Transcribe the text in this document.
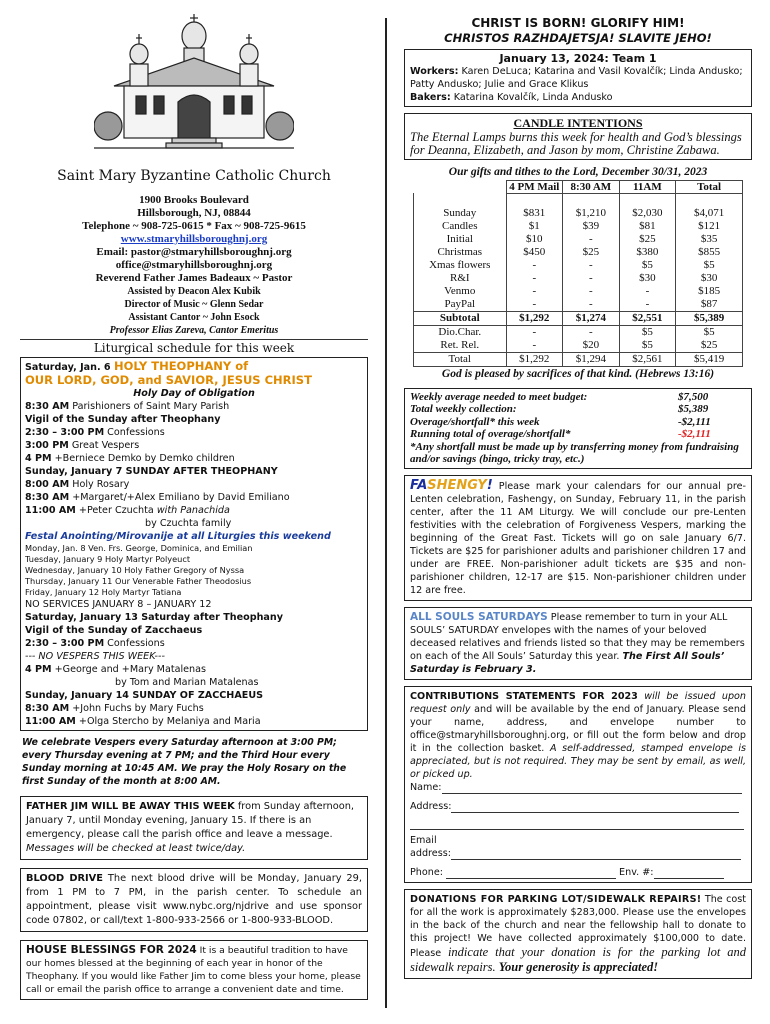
Saint Mary Byzantine Catholic Church
1900 Brooks Boulevard
Hillsborough, NJ, 08844
Telephone ~ 908-725-0615 * Fax ~ 908-725-9615
www.stmaryhillsboroughnj.org
Email: pastor@stmaryhillsboroughnj.org
office@stmaryhillsboroughnj.org
Reverend Father James Badeaux ~ Pastor
Assisted by Deacon Alex Kubik
Director of Music ~ Glenn Sedar
Assistant Cantor ~ John Esock
Professor Elias Zareva, Cantor Emeritus
Liturgical schedule for this week
Saturday, Jan. 6 HOLY THEOPHANY of
OUR LORD, GOD, and SAVIOR, JESUS CHRIST
Holy Day of Obligation
8:30 AM Parishioners of Saint Mary Parish
Vigil of the Sunday after Theophany
2:30 – 3:00 PM Confessions
3:00 PM Great Vespers
4 PM +Berniece Demko by Demko children
Sunday, January 7 SUNDAY AFTER THEOPHANY
8:00 AM Holy Rosary
8:30 AM +Margaret/+Alex Emiliano by David Emiliano
11:00 AM +Peter Czuchta with Panachida
by Czuchta family
Festal Anointing/Mirovanije at all Liturgies this weekend
Monday, Jan. 8 Ven. Frs. George, Dominica, and Emilian
Tuesday, January 9 Holy Martyr Polyeuct
Wednesday, January 10 Holy Father Gregory of Nyssa
Thursday, January 11 Our Venerable Father Theodosius
Friday, January 12 Holy Martyr Tatiana
NO SERVICES JANUARY 8 – JANUARY 12
Saturday, January 13 Saturday after Theophany
Vigil of the Sunday of Zacchaeus
2:30 – 3:00 PM Confessions
--- NO VESPERS THIS WEEK---
4 PM +George and +Mary Matalenas
by Tom and Marian Matalenas
Sunday, January 14 SUNDAY OF ZACCHAEUS
8:30 AM +John Fuchs by Mary Fuchs
11:00 AM +Olga Stercho by Melaniya and Maria
We celebrate Vespers every Saturday afternoon at 3:00 PM; every Thursday evening at 7 PM; and the Third Hour every Sunday morning at 10:45 AM. We pray the Holy Rosary on the first Sunday of the month at 8:00 AM.
FATHER JIM WILL BE AWAY THIS WEEK from Sunday afternoon, January 7, until Monday evening, January 15. If there is an emergency, please call the parish office and leave a message. Messages will be checked at least twice/day.
BLOOD DRIVE The next blood drive will be Monday, January 29, from 1 PM to 7 PM, in the parish center. To schedule an appointment, please visit www.nybc.org/njdrive and use sponsor code 07802, or call/text 1-800-933-2566 or 1-800-933-BLOOD.
HOUSE BLESSINGS FOR 2024 It is a beautiful tradition to have our homes blessed at the beginning of each year in honor of the Theophany. If you would like Father Jim to come bless your home, please call or email the parish office to arrange a convenient date and time.
CHRIST IS BORN! GLORIFY HIM!
CHRISTOS RAZHDAJETSJA! SLAVITE JEHO!
January 13, 2024: Team 1
Workers: Karen DeLuca; Katarina and Vasil Kovalčík; Linda Andusko; Patty Andusko; Julie and Grace Klikus
Bakers: Katarina Kovalčík, Linda Andusko
CANDLE INTENTIONS
The Eternal Lamps burns this week for health and God’s blessings for Deanna, Elizabeth, and Jason by mom, Christine Zabawa.
Our gifts and tithes to the Lord, December 30/31, 2023
	4 PM Mail	8:30 AM	11AM	Total

Sunday	$831	$1,210	$2,030	$4,071
Candles	$1	$39	$81	$121
Initial	$10	-	$25	$35
Christmas	$450	$25	$380	$855
Xmas flowers	-	-	$5	$5
R&I	-	-	$30	$30
Venmo	-	-	-	$185
PayPal	-	-	-	$87
Subtotal	$1,292	$1,274	$2,551	$5,389
Dio.Char.	-	-	$5	$5
Ret. Rel.	-	$20	$5	$25
Total	$1,292	$1,294	$2,561	$5,419
God is pleased by sacrifices of that kind. (Hebrews 13:16)
Weekly average needed to meet budget:	$7,500
Total weekly collection:	$5,389
Overage/shortfall* this week	-$2,111
Running total of overage/shortfall*	-$2,111
*Any shortfall must be made up by transferring money from fundraising and/or savings (bingo, tricky tray, etc.)
FASHENGY! Please mark your calendars for our annual pre-Lenten celebration, Fashengy, on Sunday, February 11, in the parish center, after the 11 AM Liturgy. We will conclude our pre-Lenten festivities with the celebration of Forgiveness Vespers, marking the beginning of the Great Fast. Tickets will go on sale January 6/7. Tickets are $25 for parishioner adults and parishioner children 17 and under are FREE. Non-parishioner adult tickets are $35 and non-parishioner children, 12-17 are $15. Non-parishioner children under 12 are free.
ALL SOULS SATURDAYS Please remember to turn in your ALL SOULS’ SATURDAY envelopes with the names of your beloved deceased relatives and friends listed so that they may be remembers on each of the All Souls’ Saturday this year. The First All Souls’ Saturday is February 3.
CONTRIBUTIONS STATEMENTS FOR 2023 will be issued upon request only and will be available by the end of January. Please send your name, address, and envelope number to office@stmaryhillsboroughnj.org, or fill out the form below and drop it in the collection basket. A self-addressed, stamped envelope is appreciated, but is not required. They may be sent by email, as well, or picked up.
Name:
Address:
Email
address:
Phone:	Env. #:
DONATIONS FOR PARKING LOT/SIDEWALK REPAIRS! The cost for all the work is approximately $283,000. Please use the envelopes in the back of the church and near the fellowship hall to donate to this project! We have collected approximately $100,000 to date. Please indicate that your donation is for the parking lot and sidewalk repairs. Your generosity is appreciated!
